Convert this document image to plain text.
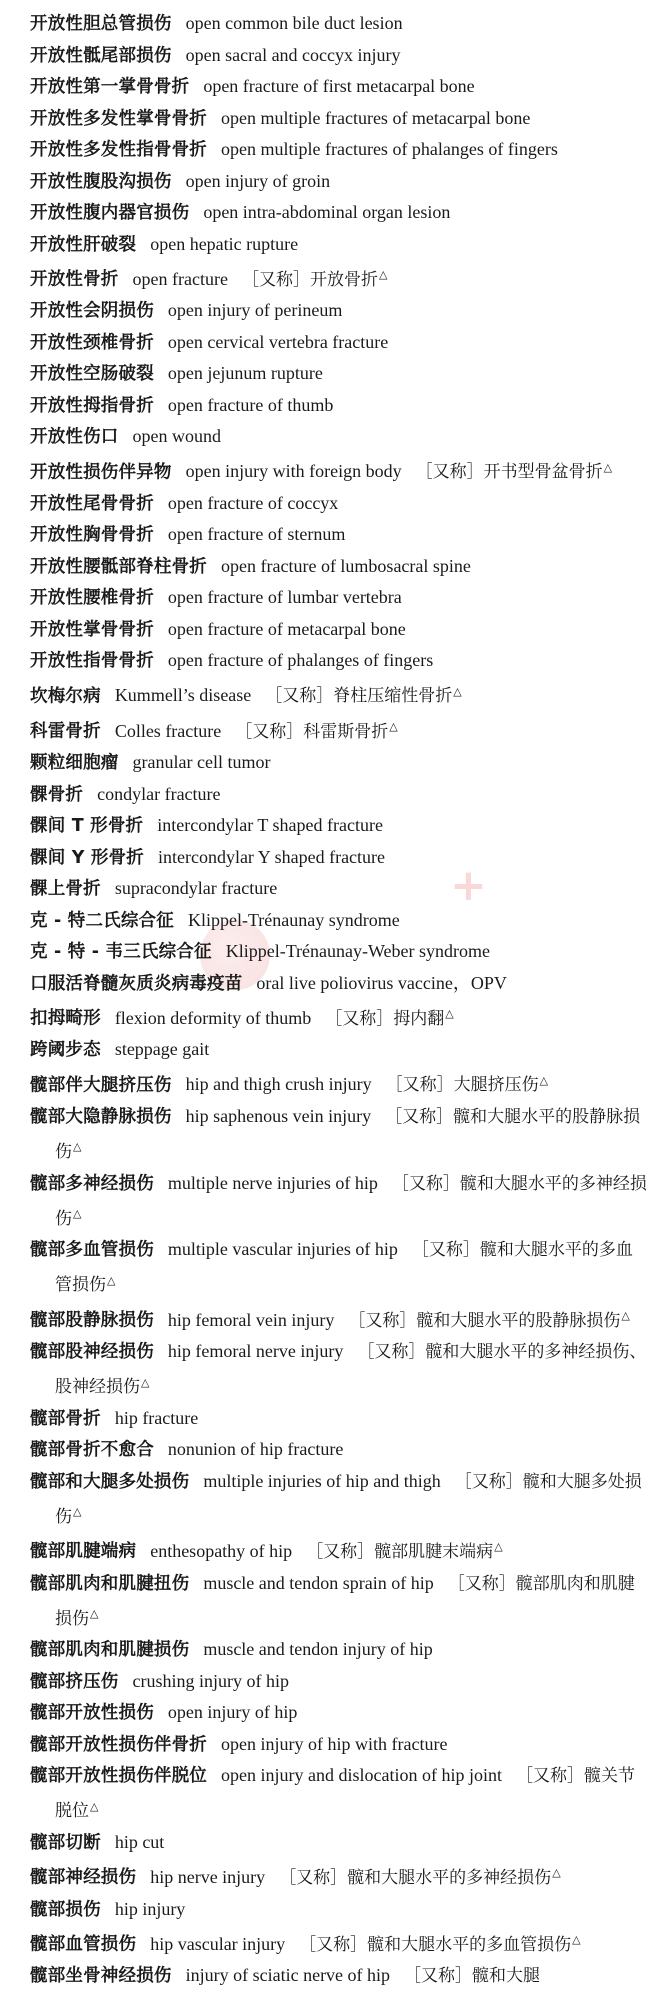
+
开放性胆总管损伤 open common bile duct lesion
开放性骶尾部损伤 open sacral and coccyx injury
开放性第一掌骨骨折 open fracture of first metacarpal bone
开放性多发性掌骨骨折 open multiple fractures of metacarpal bone
开放性多发性指骨骨折 open multiple fractures of phalanges of fingers
开放性腹股沟损伤 open injury of groin
开放性腹内器官损伤 open intra-abdominal organ lesion
开放性肝破裂 open hepatic rupture
开放性骨折 open fracture ［又称］开放骨折△
开放性会阴损伤 open injury of perineum
开放性颈椎骨折 open cervical vertebra fracture
开放性空肠破裂 open jejunum rupture
开放性拇指骨折 open fracture of thumb
开放性伤口 open wound
开放性损伤伴异物 open injury with foreign body ［又称］开书型骨盆骨折△
开放性尾骨骨折 open fracture of coccyx
开放性胸骨骨折 open fracture of sternum
开放性腰骶部脊柱骨折 open fracture of lumbosacral spine
开放性腰椎骨折 open fracture of lumbar vertebra
开放性掌骨骨折 open fracture of metacarpal bone
开放性指骨骨折 open fracture of phalanges of fingers
坎梅尔病 Kummell’s disease ［又称］脊柱压缩性骨折△
科雷骨折 Colles fracture ［又称］科雷斯骨折△
颗粒细胞瘤 granular cell tumor
髁骨折 condylar fracture
髁间 T 形骨折 intercondylar T shaped fracture
髁间 Y 形骨折 intercondylar Y shaped fracture
髁上骨折 supracondylar fracture
克 - 特二氏综合征 Klippel-Trénaunay syndrome
克 - 特 - 韦三氏综合征 Klippel-Trénaunay-Weber syndrome
口服活脊髓灰质炎病毒疫苗 oral live poliovirus vaccine，OPV
扣拇畸形 flexion deformity of thumb ［又称］拇内翻△
跨阈步态 steppage gait
髋部伴大腿挤压伤 hip and thigh crush injury ［又称］大腿挤压伤△
髋部大隐静脉损伤 hip saphenous vein injury ［又称］髋和大腿水平的股静脉损伤△
髋部多神经损伤 multiple nerve injuries of hip ［又称］髋和大腿水平的多神经损伤△
髋部多血管损伤 multiple vascular injuries of hip ［又称］髋和大腿水平的多血管损伤△
髋部股静脉损伤 hip femoral vein injury ［又称］髋和大腿水平的股静脉损伤△
髋部股神经损伤 hip femoral nerve injury ［又称］髋和大腿水平的多神经损伤、股神经损伤△
髋部骨折 hip fracture
髋部骨折不愈合 nonunion of hip fracture
髋部和大腿多处损伤 multiple injuries of hip and thigh ［又称］髋和大腿多处损伤△
髋部肌腱端病 enthesopathy of hip ［又称］髋部肌腱末端病△
髋部肌肉和肌腱扭伤 muscle and tendon sprain of hip ［又称］髋部肌肉和肌腱损伤△
髋部肌肉和肌腱损伤 muscle and tendon injury of hip
髋部挤压伤 crushing injury of hip
髋部开放性损伤 open injury of hip
髋部开放性损伤伴骨折 open injury of hip with fracture
髋部开放性损伤伴脱位 open injury and dislocation of hip joint ［又称］髋关节脱位△
髋部切断 hip cut
髋部神经损伤 hip nerve injury ［又称］髋和大腿水平的多神经损伤△
髋部损伤 hip injury
髋部血管损伤 hip vascular injury ［又称］髋和大腿水平的多血管损伤△
髋部坐骨神经损伤 injury of sciatic nerve of hip ［又称］髋和大腿
